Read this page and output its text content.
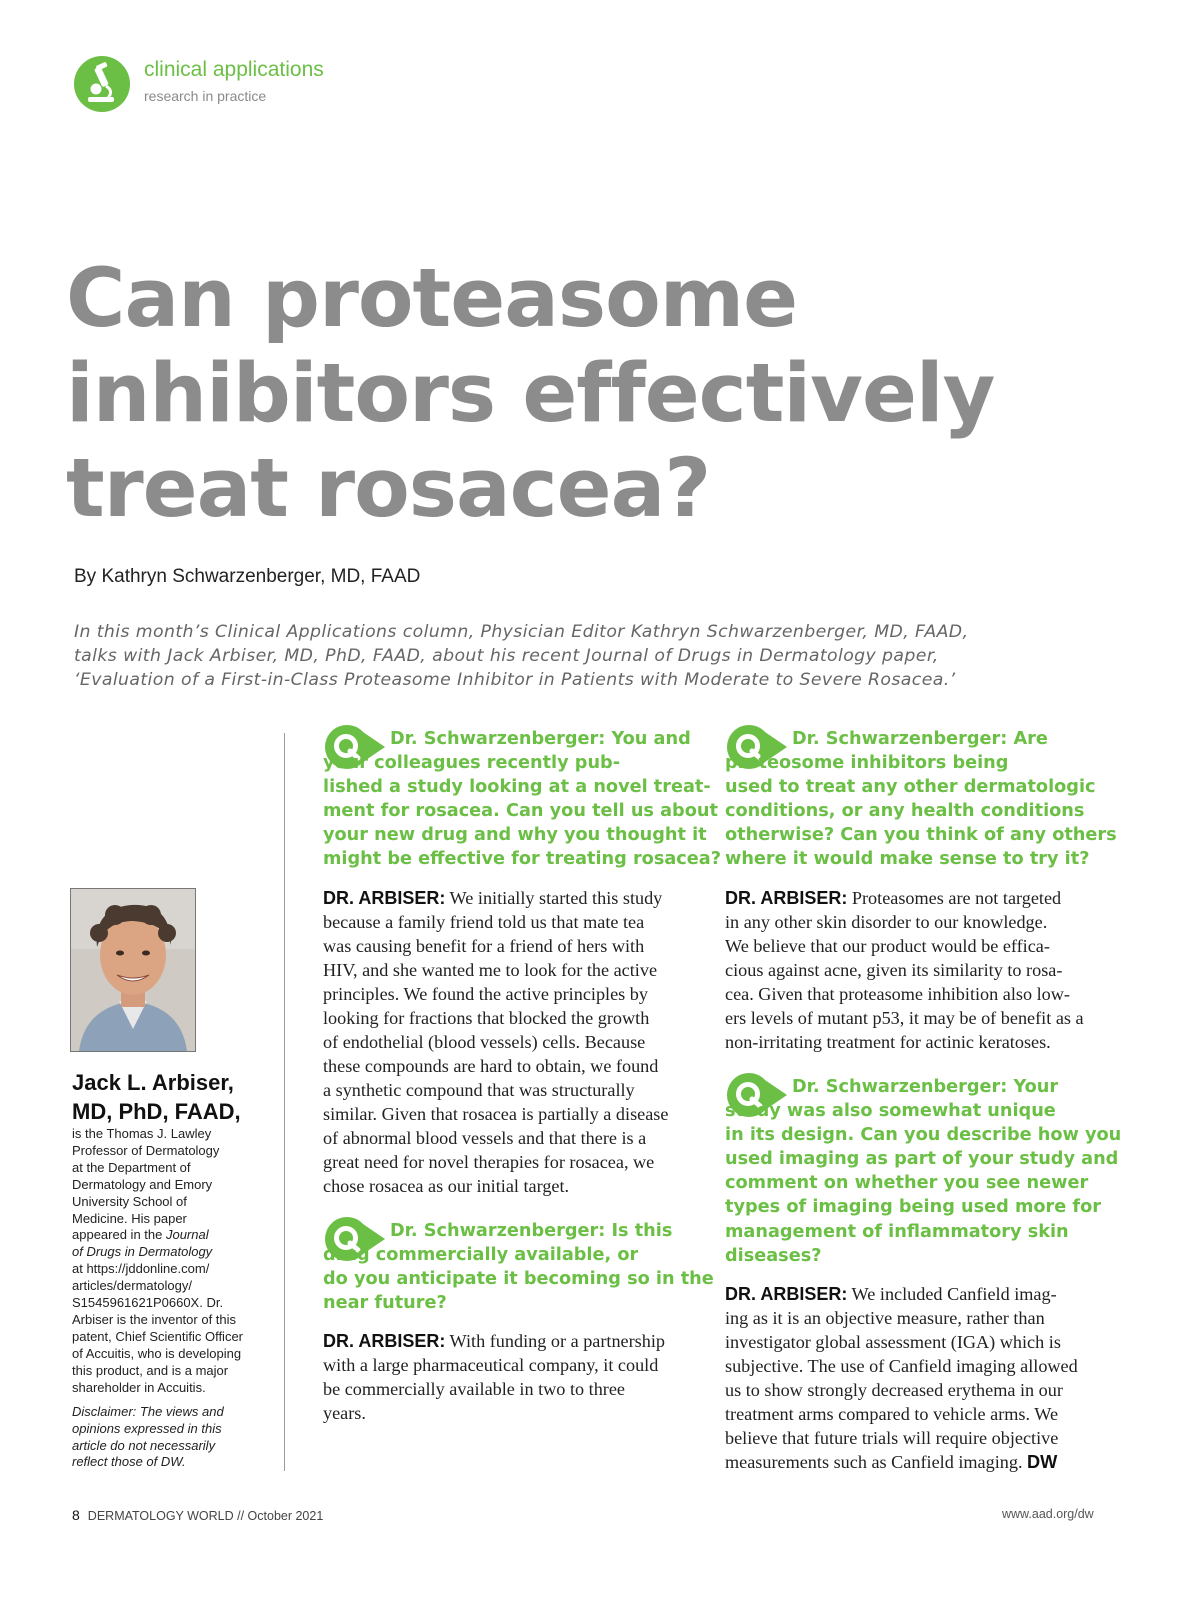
clinical applications
research in practice
Can proteasome
inhibitors effectively
treat rosacea?
By Kathryn Schwarzenberger, MD, FAAD

In this month’s Clinical Applications column, Physician Editor Kathryn Schwarzenberger, MD, FAAD,
talks with Jack Arbiser, MD, PhD, FAAD, about his recent Journal of Drugs in Dermatology paper,
‘Evaluation of a First-in-Class Proteasome Inhibitor in Patients with Moderate to Severe Rosacea.’

Jack L. Arbiser,
MD, PhD, FAAD,

is the Thomas J. Lawley
Professor of Dermatology
at the Department of
Dermatology and Emory
University School of
Medicine. His paper
appeared in the Journal
of Drugs in Dermatology
at https://jddonline.com/
articles/dermatology/
S1545961621P0660X. Dr.
Arbiser is the inventor of this
patent, Chief Scientific Officer
of Accuitis, who is developing
this product, and is a major
shareholder in Accuitis.

Disclaimer: The views and
opinions expressed in this
article do not necessarily
reflect those of DW.

Dr. Schwarzenberger: You and
your colleagues recently pub-
lished a study looking at a novel treat-
ment for rosacea. Can you tell us about
your new drug and why you thought it
might be effective for treating rosacea?

DR. ARBISER: We initially started this study
because a family friend told us that mate tea
was causing benefit for a friend of hers with
HIV, and she wanted me to look for the active
principles. We found the active principles by
looking for fractions that blocked the growth
of endothelial (blood vessels) cells. Because
these compounds are hard to obtain, we found
a synthetic compound that was structurally
similar. Given that rosacea is partially a disease
of abnormal blood vessels and that there is a
great need for novel therapies for rosacea, we
chose rosacea as our initial target.

Dr. Schwarzenberger: Is this
drug commercially available, or
do you anticipate it becoming so in the
near future?

DR. ARBISER: With funding or a partnership
with a large pharmaceutical company, it could
be commercially available in two to three
years.

Dr. Schwarzenberger: Are
proteosome inhibitors being
used to treat any other dermatologic
conditions, or any health conditions
otherwise? Can you think of any others
where it would make sense to try it?

DR. ARBISER: Proteasomes are not targeted
in any other skin disorder to our knowledge.
We believe that our product would be effica-
cious against acne, given its similarity to rosa-
cea. Given that proteasome inhibition also low-
ers levels of mutant p53, it may be of benefit as a
non-irritating treatment for actinic keratoses.

Dr. Schwarzenberger: Your
study was also somewhat unique
in its design. Can you describe how you
used imaging as part of your study and
comment on whether you see newer
types of imaging being used more for
management of inflammatory skin
diseases?

DR. ARBISER: We included Canfield imag-
ing as it is an objective measure, rather than
investigator global assessment (IGA) which is
subjective. The use of Canfield imaging allowed
us to show strongly decreased erythema in our
treatment arms compared to vehicle arms. We
believe that future trials will require objective
measurements such as Canfield imaging. DW

8 DERMATOLOGY WORLD // October 2021	www.aad.org/dw
